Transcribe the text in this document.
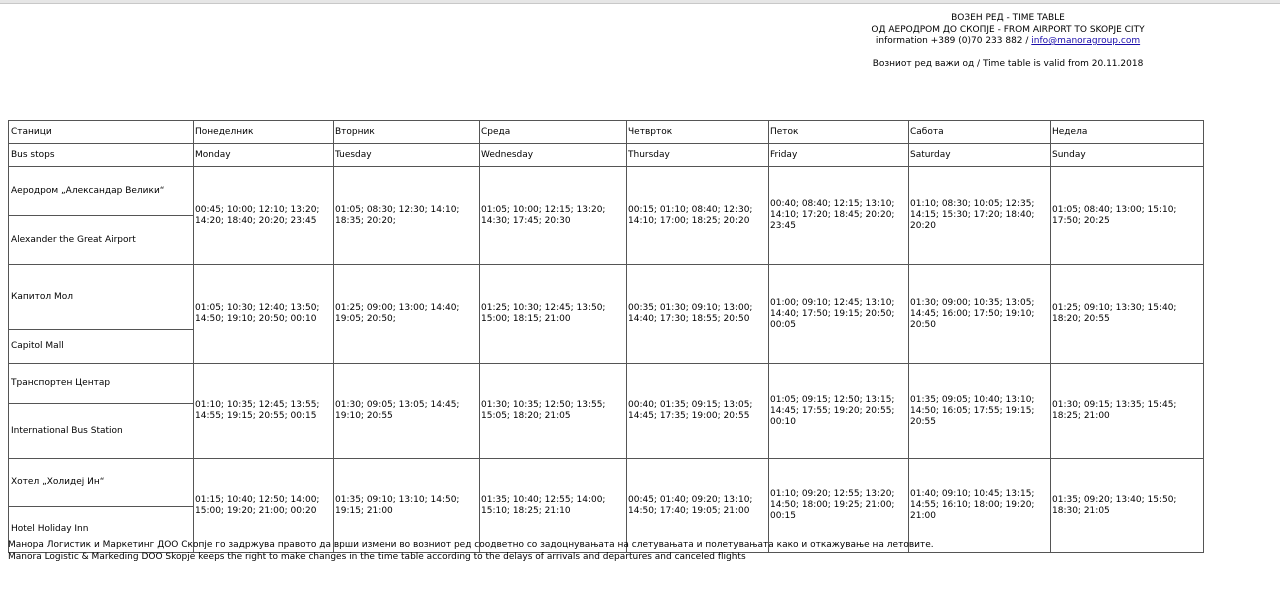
ВОЗЕН РЕД - TIME TABLE
ОД АЕРОДРОМ ДО СКОПЈЕ - FROM AIRPORT TO SKOPJE CITY
information +389 (0)70 233 882 / info@manoragroup.com
Возниот ред важи од / Time table is valid from 20.11.2018
Станици	Понеделник	Вторник	Среда	Четврток	Петок	Сабота	Недела
Bus stops	Monday	Tuesday	Wednesday	Thursday	Friday	Saturday	Sunday
Аеродром „Александар Велики“	00:45; 10:00; 12:10; 13:20; 14:20; 18:40; 20:20; 23:45	01:05; 08:30; 12:30; 14:10; 18:35; 20:20;	01:05; 10:00; 12:15; 13:20; 14:30; 17:45; 20:30	00:15; 01:10; 08:40; 12:30; 14:10; 17:00; 18:25; 20:20	00:40; 08:40; 12:15; 13:10; 14:10; 17:20; 18:45; 20:20; 23:45	01:10; 08:30; 10:05; 12:35; 14:15; 15:30; 17:20; 18:40; 20:20	01:05; 08:40; 13:00; 15:10; 17:50; 20:25
Alexander the Great Airport							
Капитол Мол	01:05; 10:30; 12:40; 13:50; 14:50; 19:10; 20:50; 00:10	01:25; 09:00; 13:00; 14:40; 19:05; 20:50;	01:25; 10:30; 12:45; 13:50; 15:00; 18:15; 21:00	00:35; 01:30; 09:10; 13:00; 14:40; 17:30; 18:55; 20:50	01:00; 09:10; 12:45; 13:10; 14:40; 17:50; 19:15; 20:50; 00:05	01:30; 09:00; 10:35; 13:05; 14:45; 16:00; 17:50; 19:10; 20:50	01:25; 09:10; 13:30; 15:40; 18:20; 20:55
Capitol Mall							
Транспортен Центар	01:10; 10:35; 12:45; 13:55; 14:55; 19:15; 20:55; 00:15	01:30; 09:05; 13:05; 14:45; 19:10; 20:55	01:30; 10:35; 12:50; 13:55; 15:05; 18:20; 21:05	00:40; 01:35; 09:15; 13:05; 14:45; 17:35; 19:00; 20:55	01:05; 09:15; 12:50; 13:15; 14:45; 17:55; 19:20; 20:55; 00:10	01:35; 09:05; 10:40; 13:10; 14:50; 16:05; 17:55; 19:15; 20:55	01:30; 09:15; 13:35; 15:45; 18:25; 21:00
International Bus Station							
Хотел „Холидеј Ин“	01:15; 10:40; 12:50; 14:00; 15:00; 19:20; 21:00; 00:20	01:35; 09:10; 13:10; 14:50; 19:15; 21:00	01:35; 10:40; 12:55; 14:00; 15:10; 18:25; 21:10	00:45; 01:40; 09:20; 13:10; 14:50; 17:40; 19:05; 21:00	01:10; 09:20; 12:55; 13:20; 14:50; 18:00; 19:25; 21:00; 00:15	01:40; 09:10; 10:45; 13:15; 14:55; 16:10; 18:00; 19:20; 21:00	01:35; 09:20; 13:40; 15:50; 18:30; 21:05
Hotel Holiday Inn							
Манора Логистик и Маркетинг ДОО Скопје го задржува правото да врши измени во возниот ред соодветно со задоцнувањата на слетувањата и полетувањата како и откажување на летовите.
Manora Logistic & Markeding DOO Skopje keeps the right to make changes in the time table according to the delays of arrivals and departures and canceled flights
